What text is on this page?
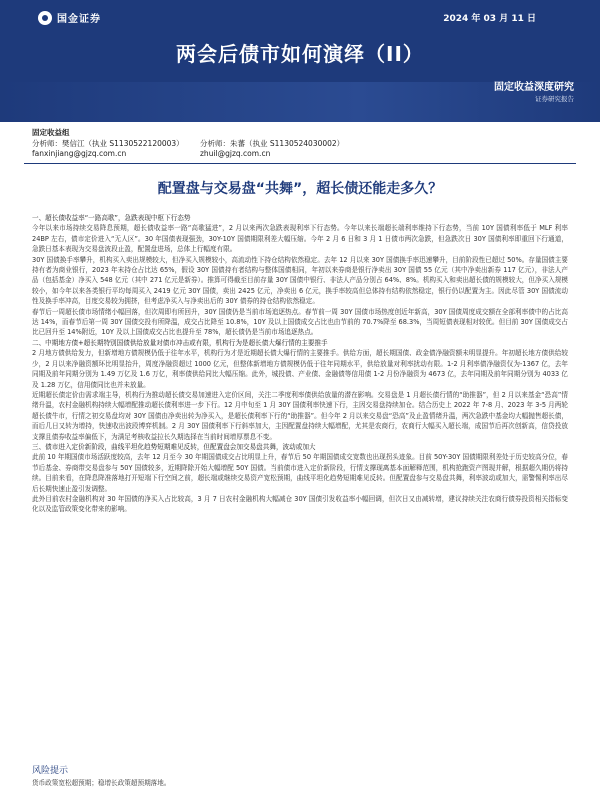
国金证券	2024 年 03 月 11 日
两会后债市如何演绎（II）
固定收益深度研究
证券研究报告
固定收益组
分析师：樊信江（执业 S1130522120003）	分析师：朱蕃（执业 S1130524030002）
fanxinjiang@gjzq.com.cn	zhuil@gjzq.com.cn
配置盘与交易盘“共舞”，超长债还能走多久？

一、超长债收益率“一路高歌”，急跌表现中枢下行态势

今年以来市场持续交易降息预期，超长债收益率一路“高歌猛进”，2 月以来两次急跌表现利率下行态势。今年以来长端超长端利率维持下行态势，当前 10Y 国债利率低于 MLF 利率 24BP 左右，债市定价进入“无人区”。30 年国债表现强劲，30Y-10Y 国债期限利差大幅压缩。今年 2 月 6 日和 3 月 1 日债市两次急跌，但急跌次日 30Y 国债利率即重回下行通道，急跌日基本表现为交易盘波段止盈，配置盘进场，总体上行幅度有限。

30Y 国债换手率攀升，机构买入卖出规模较大，但净买入规模较小，高流动性下持仓结构依然稳定。去年 12 月以来 30Y 国债换手率迅速攀升，目前阶段性已超过 50%。存量国债主要持有者为商业银行，2023 年末持仓占比达 65%，假设 30Y 国债持有者结构与整体国债相同，年初以来券商是银行净卖出 30Y 国债 55 亿元（其中净卖出新券 117 亿元），非法人产品（包括基金）净买入 548 亿元（其中 271 亿元是新券）。推算可得截至目前存量 30Y 国债中银行、非法人产品分别占 64%、8%。机构买入和卖出超长债的规模较大，但净买入规模较小，如今年以来各类银行平均每周买入 2419 亿元 30Y 国债，卖出 2425 亿元，净卖出 6 亿元，换手率较高但总体持有结构依然稳定，银行仍以配置为主。因此尽管 30Y 国债流动性及换手率冲高，目度交易较为拥挤，但考虑净买入与净卖出后的 30Y 债券的持仓结构依然稳定。

春节后一周超长债市场情绪小幅回落，但次周即有所回升，30Y 国债仍是当前市场追逐热点。春节前一周 30Y 国债市场热度创近年新高，30Y 国债周度成交额在全部利率债中的占比高达 14%，而春节后第一周 30Y 国债交投有所降温，成交占比降至 10.8%，10Y 及以上国债成交占比也由节前的 70.7%降至 68.3%，当周短债表现相对较优。但目前 30Y 国债成交占比已回升至 14%附近，10Y 及以上国债成交占比也提升至 78%，超长债仍是当前市场追逐热点。

二、中期地方债+超长期特别国债供给放量对债市冲击或有限，机构行为是超长债大爆行情的主要推手

2 月地方债供给发力，但新增地方债规模仍低于往年水平，机构行为才是近期超长债大爆行情的主要推手。供给方面，超长期国债、政金债净融资额未明显提升。年初超长地方债供给较少，2 月以来净融资额环比明显抬升，周度净融资超过 1000 亿元，但整体新增地方债规模仍低于往年同期水平，供给放量对利率扰动有限。1-2 月利率债净融资仅为-1367 亿，去年同期及前年同期分别为 1.49 万亿及 1.6 万亿，利率债供给同比大幅压缩。此外，城投债、产业债、金融债等信用债 1-2 月份净融资为 4673 亿，去年同期及前年同期分别为 4033 亿及 1.28 万亿，信用债同比也并未放量。

近期超长债定价由需求端主导，机构行为推动超长债交易加速进入定价区间，关注二季度利率债供给放量的潜在影响。交易盘是 1 月超长债行情的“助推器”，但 2 月以来基金“恐高”情绪升温，农村金融机构持续大幅增配推动超长债利率进一步下行。12 月中旬至 1 月 30Y 国债利率快速下行，主因交易盘持续加仓。结合历史上 2022 年 7-8 月、2023 年 3-5 月两轮超长债牛市，行情之初交易盘均对 30Y 国债由净卖出转为净买入，是超长债利率下行的“助推器”。但今年 2 月以来交易盘“恐高”及止盈情绪升温，两次急跌中基金均大幅抛售超长债，而后几日又转为增持，快速收出波段博弈机制。2 月 30Y 国债利率下行斜率加大，主因配置盘持续大幅增配，尤其是农商行，农商行大幅买入超长端，成国节后再次创新高，信贷投放支撑且债券收益率偏低下，为满足考核收益拉长久期选择在当前时间增厚票息不变。

三、债市进入定价新阶段，曲线平坦化趋势短期难见反转，但配置盘会加交易盘共舞，波动或加大

此前 10 年期国债市场活跃度较高，去年 12 月至今 30 年期国债成交占比明显上升，春节后 50 年期国债成交宽数也出现拐头迹象。目前 50Y-30Y 国债期限利差处于历史较高分位，春节后基金、券商带交易盘参与 50Y 国债较多，近期降除开始大幅增配 50Y 国债。当前债市进入定价新阶段，行情支撑现离基本面解释范围，机构抢跑资产图现并解，根据超久期仍将持续。目前来看，在降息降准落地打开短端下行空间之前，超长端或继续交易资产宽松预期，曲线平坦化趋势短期难见反转。但配置盘参与交易盘共舞，利率波动或加大，需警惕利率出尽后长期快速止盈引发调整。

此外目前农村金融机构对 30 年国债的净买入占比较高，3 月 7 日农村金融机构大幅减仓 30Y 国债引发收益率小幅回调，但次日又由减转增，建议持续关注农商行债券投资相关指标变化以及监管政策变化带来的影响。

风险提示
货币政策宽松超预期；稳增长政策超预期落地。
